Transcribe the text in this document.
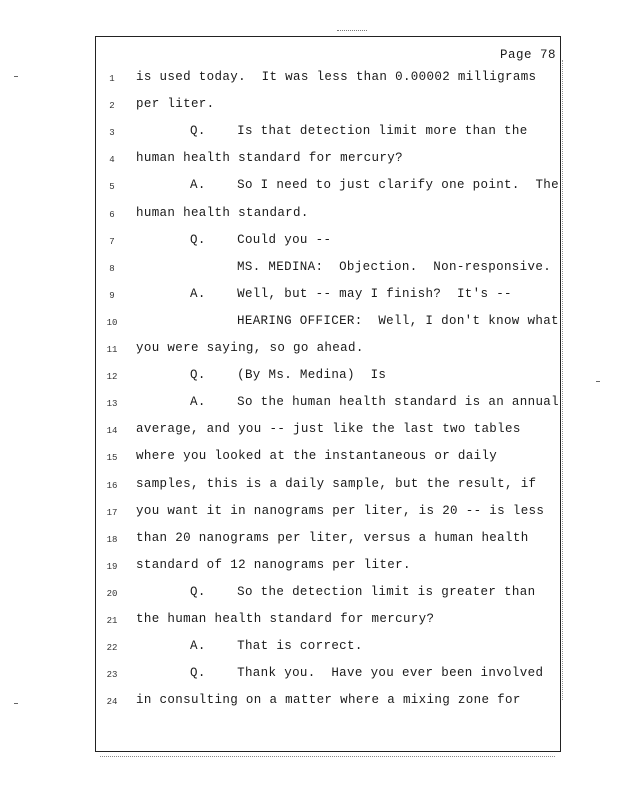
Page 78
1	is used today.  It was less than 0.00002 milligrams
2	per liter.
3	Q.    Is that detection limit more than the
4	human health standard for mercury?
5	A.    So I need to just clarify one point.  The
6	human health standard.
7	Q.    Could you --
8	MS. MEDINA:  Objection.  Non-responsive.
9	A.    Well, but -- may I finish?  It's --
10	HEARING OFFICER:  Well, I don't know what
11 you were saying, so go ahead.
12	Q.    (By Ms. Medina)  Is
13	A.    So the human health standard is an annual
14 average, and you -- just like the last two tables
15 where you looked at the instantaneous or daily
16 samples, this is a daily sample, but the result, if
17 you want it in nanograms per liter, is 20 -- is less
18 than 20 nanograms per liter, versus a human health
19 standard of 12 nanograms per liter.
20	Q.    So the detection limit is greater than
21 the human health standard for mercury?
22	A.    That is correct.
23	Q.    Thank you.  Have you ever been involved
24 in consulting on a matter where a mixing zone for
